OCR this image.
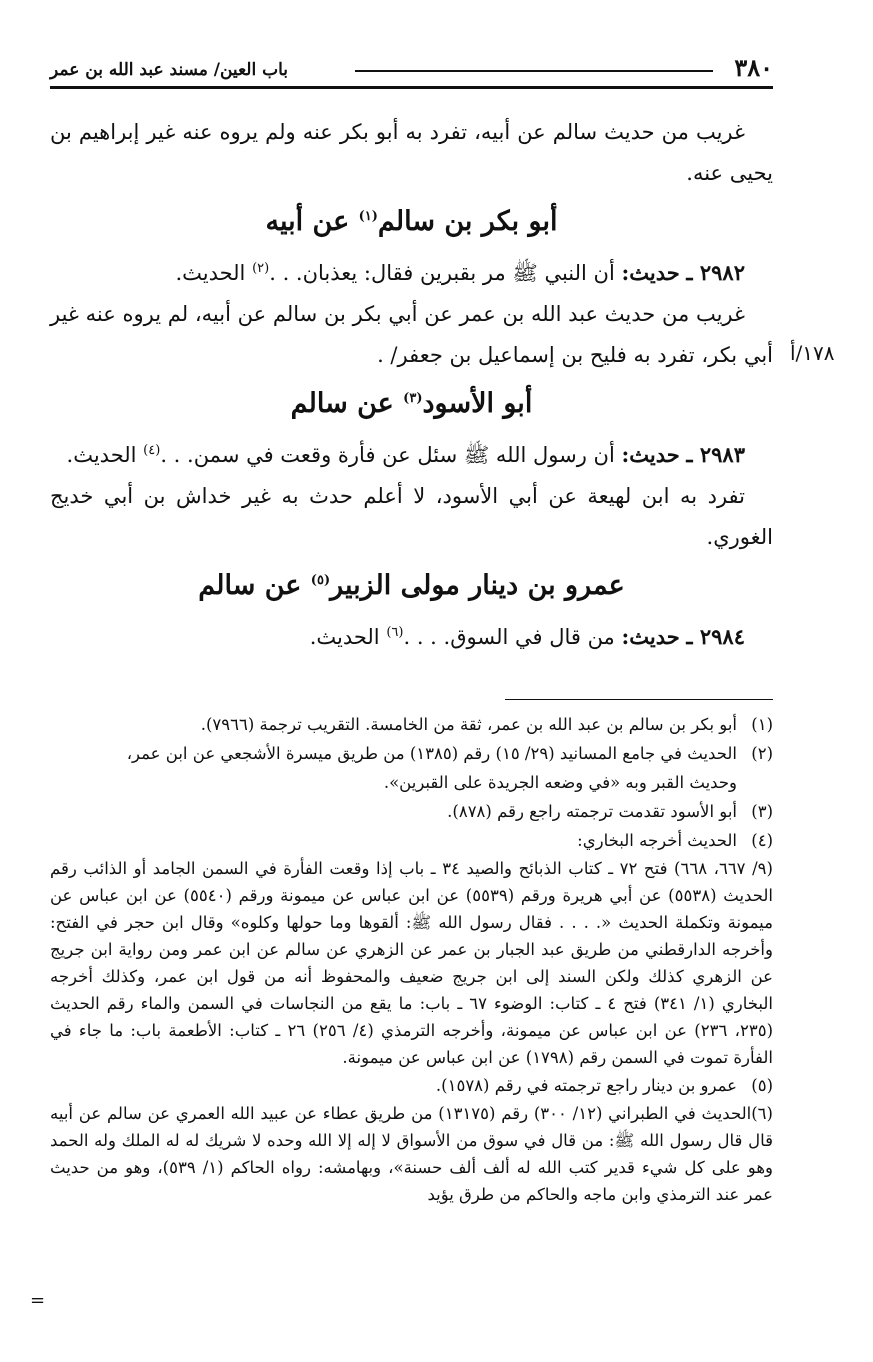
٣٨٠
باب العين/ مسند عبد الله بن عمر

غريب من حديث سالم عن أبيه، تفرد به أبو بكر عنه ولم يروه عنه غير إبراهيم بن يحيى عنه.

أبو بكر بن سالم$^{(١)}$ عن أبيه

٢٩٨٢ ـ حديث: أن النبي ﷺ مر بقبرين فقال: يعذبان. . .$^{(٢)}$ الحديث.

غريب من حديث عبد الله بن عمر عن أبي بكر بن سالم عن أبيه، لم يروه عنه غير أبي بكر، تفرد به فليح بن إسماعيل بن جعفر/ .

أبو الأسود$^{(٣)}$ عن سالم

٢٩٨٣ ـ حديث: أن رسول الله ﷺ سئل عن فأرة وقعت في سمن. . .$^{(٤)}$ الحديث.

تفرد به ابن لهيعة عن أبي الأسود، لا أعلم حدث به غير خداش بن أبي خديج الغوري.

عمرو بن دينار مولى الزبير$^{(٥)}$ عن سالم

٢٩٨٤ ـ حديث: من قال في السوق. . . .$^{(٦)}$ الحديث.

١٧٨/أ

(١)أبو بكر بن سالم بن عبد الله بن عمر، ثقة من الخامسة. التقريب ترجمة (٧٩٦٦).

(٢)الحديث في جامع المسانيد (٢٩/ ١٥) رقم (١٣٨٥) من طريق ميسرة الأشجعي عن ابن عمر،

وحديث القبر وبه «في وضعه الجريدة على القبرين».

(٣)أبو الأسود تقدمت ترجمته راجع رقم (٨٧٨).

(٤)الحديث أخرجه البخاري:

(٩/ ٦٦٧، ٦٦٨) فتح ٧٢ ـ كتاب الذبائح والصيد ٣٤ ـ باب إذا وقعت الفأرة في السمن الجامد أو الذائب رقم الحديث (٥٥٣٨) عن أبي هريرة ورقم (٥٥٣٩) عن ابن عباس عن ميمونة ورقم (٥٥٤٠) عن ابن عباس عن ميمونة وتكملة الحديث «. . . . فقال رسول الله ﷺ: ألقوها وما حولها وكلوه» وقال ابن حجر في الفتح: وأخرجه الدارقطني من طريق عبد الجبار بن عمر عن الزهري عن سالم عن ابن عمر ومن رواية ابن جريج عن الزهري كذلك ولكن السند إلى ابن جريج ضعيف والمحفوظ أنه من قول ابن عمر، وكذلك أخرجه البخاري (١/ ٣٤١) فتح ٤ ـ كتاب: الوضوء ٦٧ ـ باب: ما يقع من النجاسات في السمن والماء رقم الحديث (٢٣٥، ٢٣٦) عن ابن عباس عن ميمونة، وأخرجه الترمذي (٤/ ٢٥٦) ٢٦ ـ كتاب: الأطعمة باب: ما جاء في الفأرة تموت في السمن رقم (١٧٩٨) عن ابن عباس عن ميمونة.

(٥)عمرو بن دينار راجع ترجمته في رقم (١٥٧٨).

(٦)الحديث في الطبراني (١٢/ ٣٠٠) رقم (١٣١٧٥) من طريق عطاء عن عبيد الله العمري عن سالم عن أبيه قال قال رسول الله ﷺ: من قال في سوق من الأسواق لا إله إلا الله وحده لا شريك له له الملك وله الحمد وهو على كل شيء قدير كتب الله له ألف ألف حسنة»، وبهامشه: رواه الحاكم (١/ ٥٣٩)، وهو من حديث عمر عند الترمذي وابن ماجه والحاكم من طرق يؤيد

=
